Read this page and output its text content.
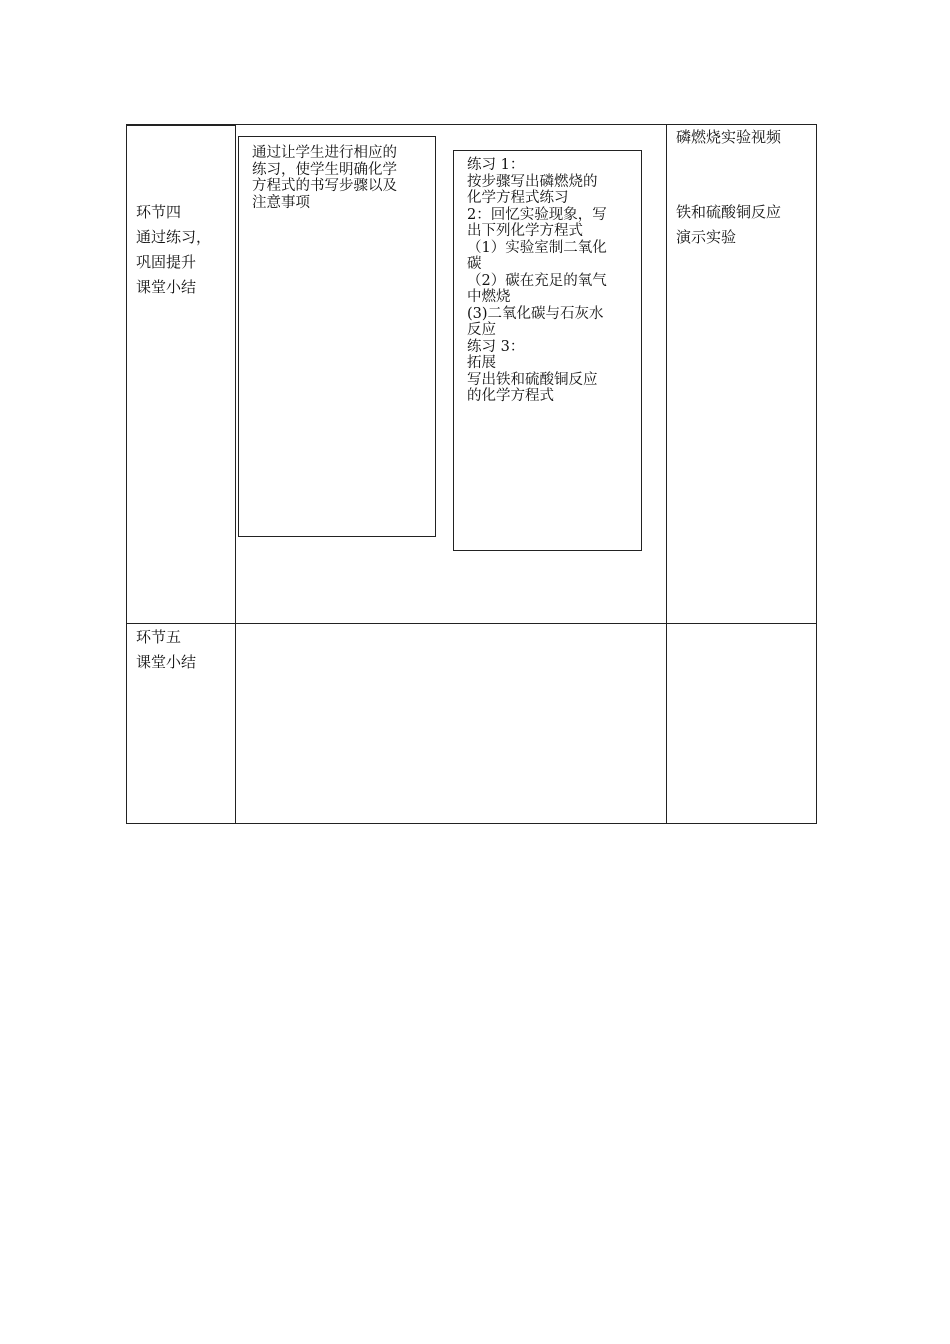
环节四
通过练习，
巩固提升
课堂小结
通过让学生进行相应的
练习，使学生明确化学
方程式的书写步骤以及
注意事项
练习 1：
按步骤写出磷燃烧的
化学方程式练习
2：回忆实验现象，写
出下列化学方程式
（1）实验室制二氧化
碳
（2）碳在充足的氧气
中燃烧
(3)二氧化碳与石灰水
反应
练习 3：
拓展
写出铁和硫酸铜反应
的化学方程式
磷燃烧实验视频

铁和硫酸铜反应
演示实验
环节五
课堂小结
